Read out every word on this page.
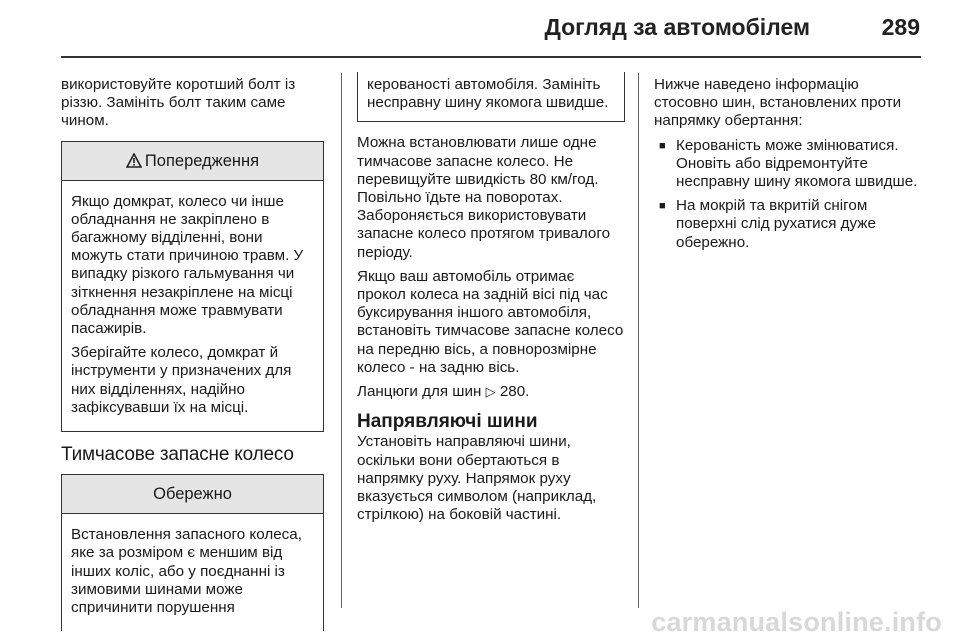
Догляд за автомобілем	289

використовуйте коротший болт із різзю. Замініть болт таким саме чином.

Попередження

Якщо домкрат, колесо чи інше обладнання не закріплено в багажному відділенні, вони можуть стати причиною травм. У випадку різкого гальмування чи зіткнення незакріплене на місці обладнання може травмувати пасажирів.

Зберігайте колесо, домкрат й інструменти у призначених для них відділеннях, надійно зафіксувавши їх на місці.

Тимчасове запасне колесо
Обережно

Встановлення запасного колеса, яке за розміром є меншим від інших коліс, або у поєднанні із зимовими шинами може спричинити порушення

керованості автомобіля. Замініть несправну шину якомога швидше.

Можна встановлювати лише одне тимчасове запасне колесо. Не перевищуйте швидкість 80 км/год. Повільно їдьте на поворотах. Забороняється використовувати запасне колесо протягом тривалого періоду.

Якщо ваш автомобіль отримає прокол колеса на задній вісі під час буксирування іншого автомобіля, встановіть тимчасове запасне колесо на передню вісь, а повнорозмірне колесо - на задню вісь.

Ланцюги для шин ▷ 280.

Напрявляючі шини

Установіть направляючі шини, оскільки вони обертаються в напрямку руху. Напрямок руху вказується символом (наприклад, стрілкою) на боковій частині.

Нижче наведено інформацію стосовно шин, встановлених проти напрямку обертання:

■ Керованість може змінюватися. Оновіть або відремонтуйте несправну шину якомога швидше.
■ На мокрій та вкритій снігом поверхні слід рухатися дуже обережно.
carmanualsonline.info
